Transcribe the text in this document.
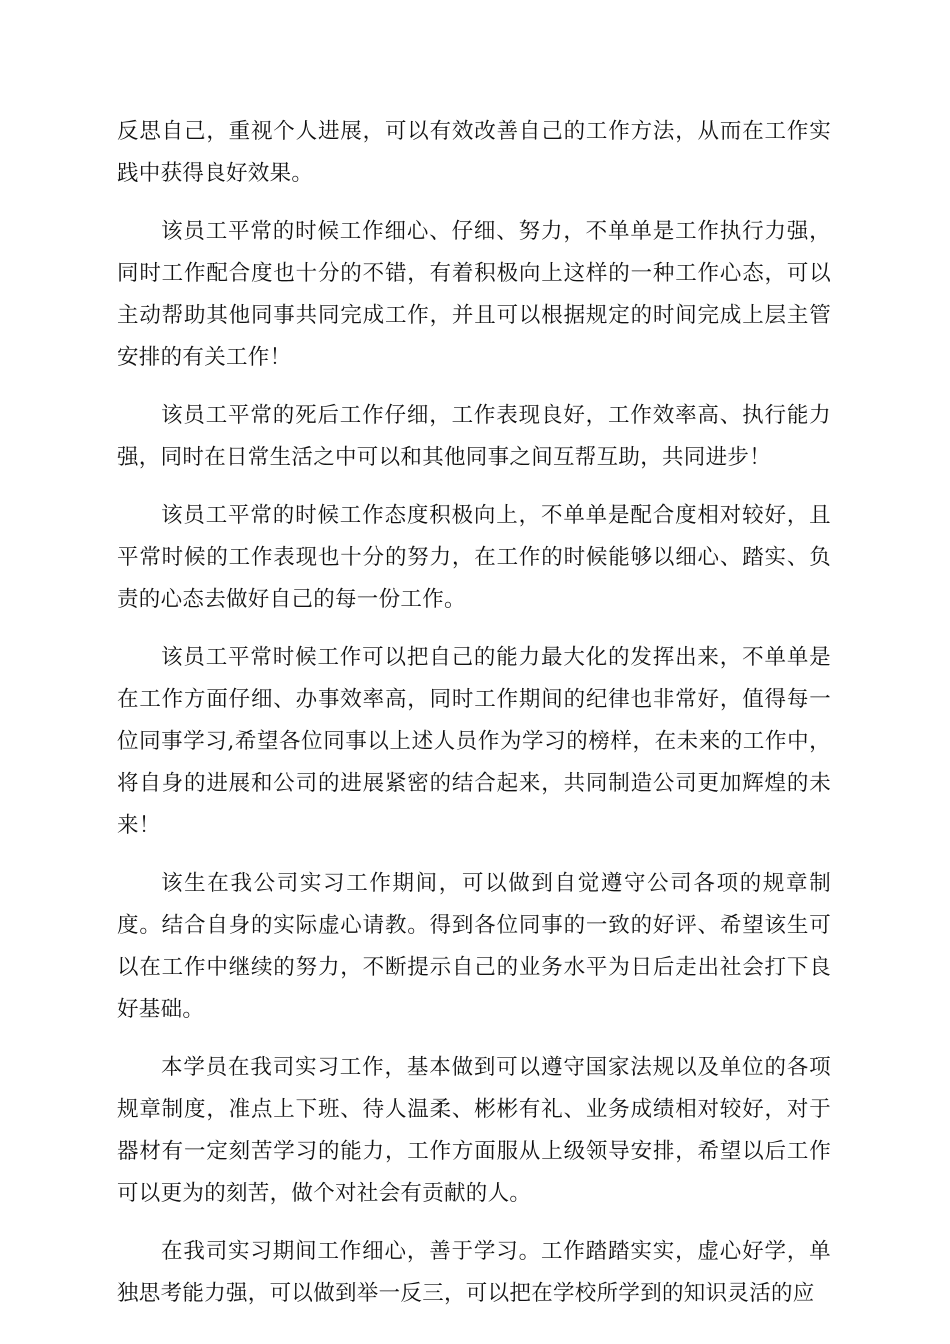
反思自己，重视个人进展，可以有效改善自己的工作方法，从而在工作实践中获得良好效果。

该员工平常的时候工作细心、仔细、努力，不单单是工作执行力强，同时工作配合度也十分的不错，有着积极向上这样的一种工作心态，可以主动帮助其他同事共同完成工作，并且可以根据规定的时间完成上层主管安排的有关工作！

该员工平常的死后工作仔细，工作表现良好，工作效率高、执行能力强，同时在日常生活之中可以和其他同事之间互帮互助，共同进步！

该员工平常的时候工作态度积极向上，不单单是配合度相对较好，且平常时候的工作表现也十分的努力，在工作的时候能够以细心、踏实、负责的心态去做好自己的每一份工作。

该员工平常时候工作可以把自己的能力最大化的发挥出来，不单单是在工作方面仔细、办事效率高，同时工作期间的纪律也非常好，值得每一位同事学习,希望各位同事以上述人员作为学习的榜样，在未来的工作中，将自身的进展和公司的进展紧密的结合起来，共同制造公司更加辉煌的未来！

该生在我公司实习工作期间，可以做到自觉遵守公司各项的规章制度。结合自身的实际虚心请教。得到各位同事的一致的好评、希望该生可以在工作中继续的努力，不断提示自己的业务水平为日后走出社会打下良好基础。

本学员在我司实习工作，基本做到可以遵守国家法规以及单位的各项规章制度，准点上下班、待人温柔、彬彬有礼、业务成绩相对较好，对于器材有一定刻苦学习的能力，工作方面服从上级领导安排，希望以后工作可以更为的刻苦，做个对社会有贡献的人。

在我司实习期间工作细心，善于学习。工作踏踏实实，虚心好学，单独思考能力强，可以做到举一反三，可以把在学校所学到的知识灵活的应
